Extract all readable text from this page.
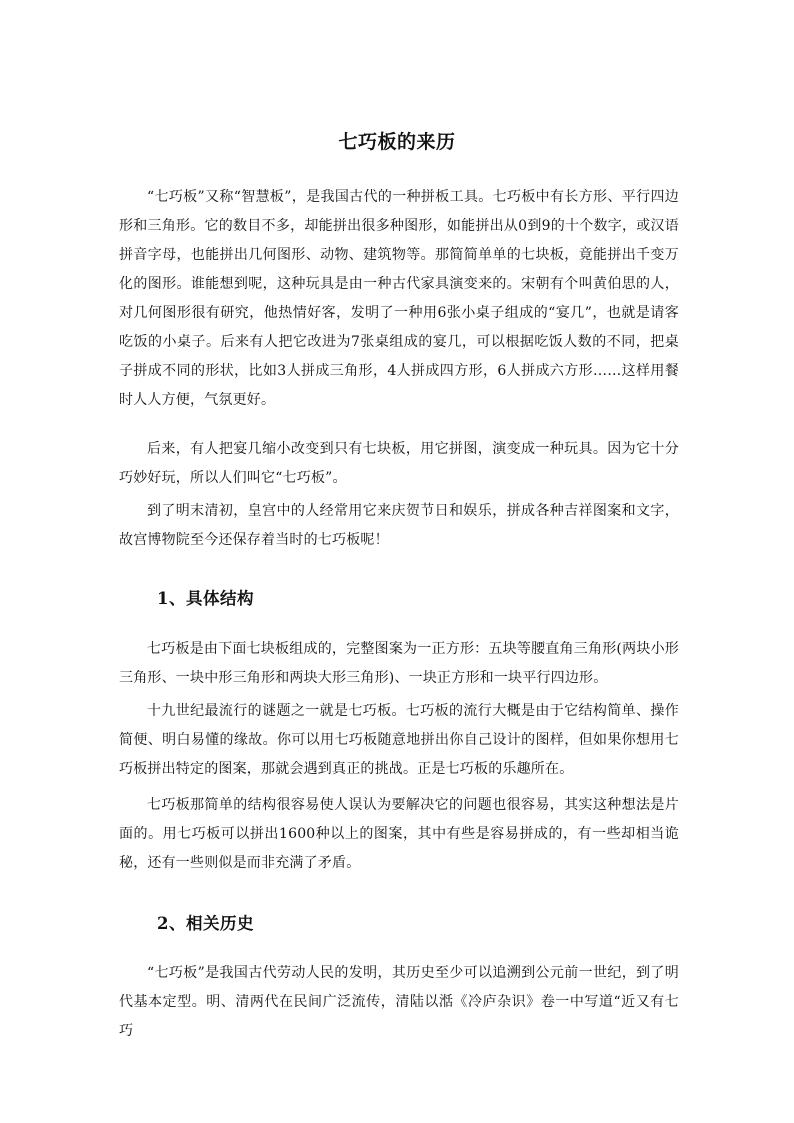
七巧板的来历

“七巧板”又称“智慧板”，是我国古代的一种拼板工具。七巧板中有长方形、平行四边形和三角形。它的数目不多，却能拼出很多种图形，如能拼出从0到9的十个数字，或汉语拼音字母，也能拼出几何图形、动物、建筑物等。那简简单单的七块板，竟能拼出千变万化的图形。谁能想到呢，这种玩具是由一种古代家具演变来的。宋朝有个叫黄伯思的人，对几何图形很有研究，他热情好客，发明了一种用6张小桌子组成的“宴几”，也就是请客吃饭的小桌子。后来有人把它改进为7张桌组成的宴几，可以根据吃饭人数的不同，把桌子拼成不同的形状，比如3人拼成三角形，4人拼成四方形，6人拼成六方形……这样用餐时人人方便，气氛更好。

后来，有人把宴几缩小改变到只有七块板，用它拼图，演变成一种玩具。因为它十分巧妙好玩，所以人们叫它“七巧板”。

到了明末清初，皇宫中的人经常用它来庆贺节日和娱乐，拼成各种吉祥图案和文字，故宫博物院至今还保存着当时的七巧板呢！

1、具体结构

七巧板是由下面七块板组成的，完整图案为一正方形：五块等腰直角三角形(两块小形三角形、一块中形三角形和两块大形三角形)、一块正方形和一块平行四边形。

十九世纪最流行的谜题之一就是七巧板。七巧板的流行大概是由于它结构简单、操作简便、明白易懂的缘故。你可以用七巧板随意地拼出你自己设计的图样，但如果你想用七巧板拼出特定的图案，那就会遇到真正的挑战。正是七巧板的乐趣所在。

七巧板那简单的结构很容易使人误认为要解决它的问题也很容易，其实这种想法是片面的。用七巧板可以拼出1600种以上的图案，其中有些是容易拼成的，有一些却相当诡秘，还有一些则似是而非充满了矛盾。

2、相关历史

“七巧板”是我国古代劳动人民的发明，其历史至少可以追溯到公元前一世纪，到了明代基本定型。明、清两代在民间广泛流传，清陆以湉《冷庐杂识》卷一中写道“近又有七巧
